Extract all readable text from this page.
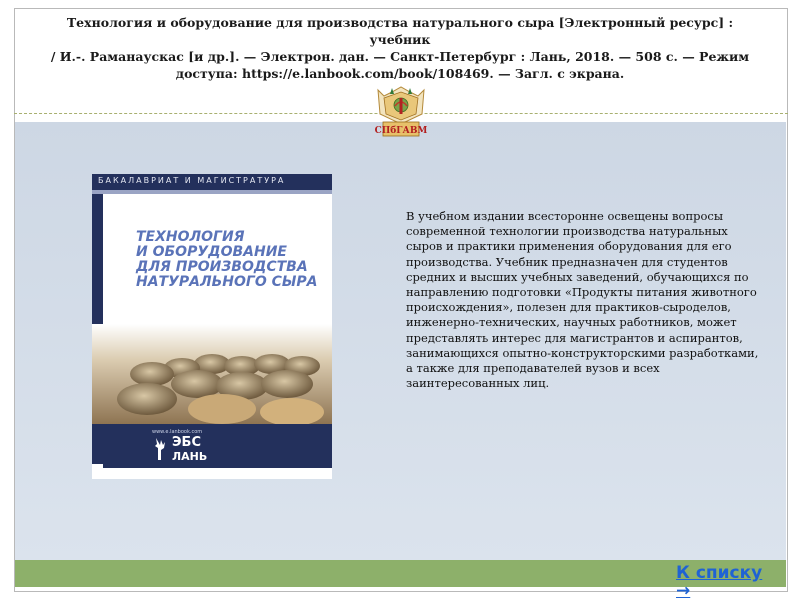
Технология и оборудование для производства натурального сыра [Электронный ресурс] : учебник
/ И.-. Раманаускас [и др.]. — Электрон. дан. — Санкт-Петербург : Лань, 2018. — 508 с. — Режим
доступа: https://e.lanbook.com/book/108469. — Загл. с экрана.
СПбГАВМ
БАКАЛАВРИАТ И МАГИСТРАТУРА
ТЕХНОЛОГИЯ
И ОБОРУДОВАНИЕ
ДЛЯ ПРОИЗВОДСТВА
НАТУРАЛЬНОГО СЫРА
www.e.lanbook.com
ЭБС
ЛАНЬ
В учебном издании всесторонне освещены вопросы
современной технологии производства натуральных
сыров и практики применения оборудования для его
производства. Учебник предназначен для студентов
средних и высших учебных заведений, обучающихся по
направлению подготовки «Продукты питания животного
происхождения», полезен для практиков-сыроделов,
инженерно-технических, научных работников, может
представлять интерес для магистрантов и аспирантов,
занимающихся опытно-конструкторскими разработками,
а также для преподавателей вузов и всех
заинтересованных лиц.
К списку
→
